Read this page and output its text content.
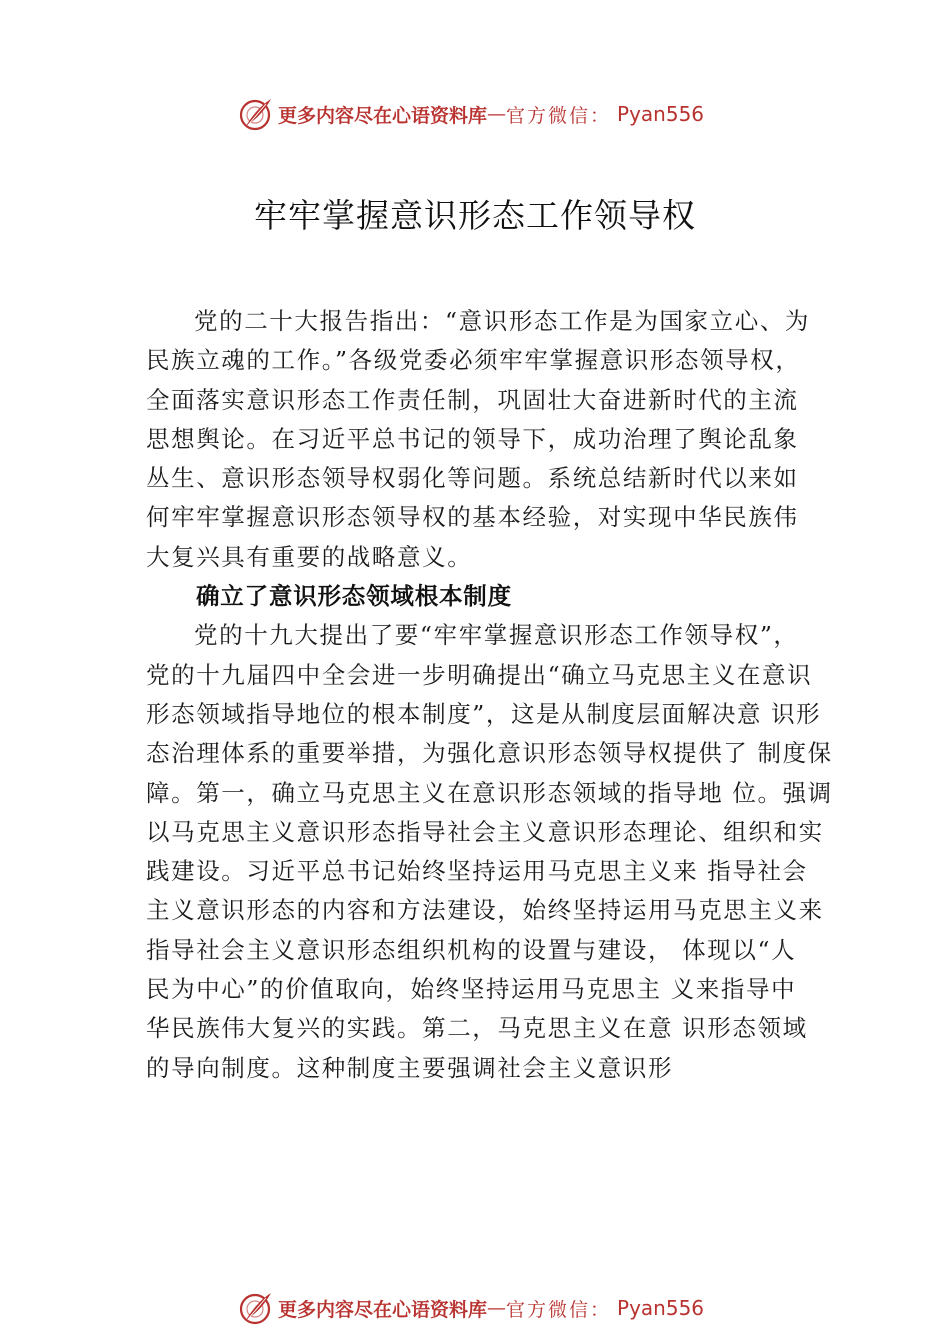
更多内容尽在心语资料库 — 官方微信： Pyan556
牢牢掌握意识形态工作领导权
党的二十大报告指出：“意识形态工作是为国家立心、为
民族立魂的工作。”各级党委必须牢牢掌握意识形态领导权，
全面落实意识形态工作责任制，巩固壮大奋进新时代的主流
思想舆论。在习近平总书记的领导下，成功治理了舆论乱象
丛生、意识形态领导权弱化等问题。系统总结新时代以来如
何牢牢掌握意识形态领导权的基本经验，对实现中华民族伟
大复兴具有重要的战略意义。
确立了意识形态领域根本制度
党的十九大提出了要“牢牢掌握意识形态工作领导权”，
党的十九届四中全会进一步明确提出“确立马克思主义在意识
形态领域指导地位的根本制度”，这是从制度层面解决意 识形
态治理体系的重要举措，为强化意识形态领导权提供了 制度保
障。第一，确立马克思主义在意识形态领域的指导地 位。强调
以马克思主义意识形态指导社会主义意识形态理论、组织和实
践建设。习近平总书记始终坚持运用马克思主义来 指导社会
主义意识形态的内容和方法建设，始终坚持运用马克思主义来
指导社会主义意识形态组织机构的设置与建设， 体现以“人
民为中心”的价值取向，始终坚持运用马克思主 义来指导中
华民族伟大复兴的实践。第二，马克思主义在意 识形态领域
的导向制度。这种制度主要强调社会主义意识形
更多内容尽在心语资料库 — 官方微信： Pyan556
